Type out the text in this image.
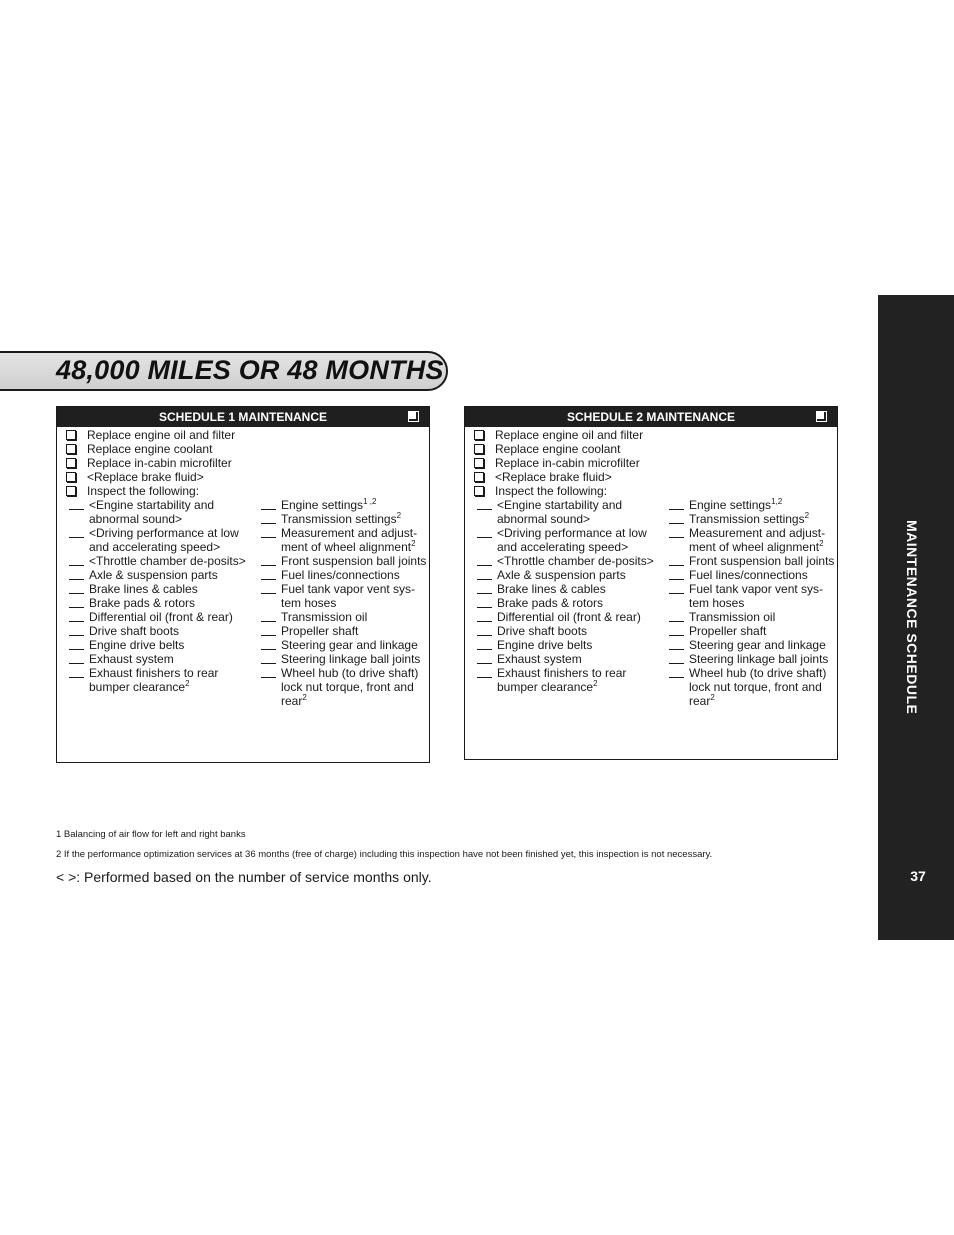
48,000 MILES OR 48 MONTHS
MAINTENANCE SCHEDULE
37
SCHEDULE 1 MAINTENANCE
Replace engine oil and filter
Replace engine coolant
Replace in-cabin microfilter
<Replace brake fluid>
Inspect the following:
<Engine startability and abnormal sound>
<Driving performance at low and accelerating speed>
<Throttle chamber de-posits>
Axle & suspension parts
Brake lines & cables
Brake pads & rotors
Differential oil (front & rear)
Drive shaft boots
Engine drive belts
Exhaust system
Exhaust finishers to rear bumper clearance$^2$
Engine settings$^{1 ,2}$
Transmission settings$^2$
Measurement and adjust-ment of wheel alignment$^2$
Front suspension ball joints
Fuel lines/connections
Fuel tank vapor vent sys-tem hoses
Transmission oil
Propeller shaft
Steering gear and linkage
Steering linkage ball joints
Wheel hub (to drive shaft) lock nut torque, front and rear$^2$
SCHEDULE 2 MAINTENANCE
Replace engine oil and filter
Replace engine coolant
Replace in-cabin microfilter
<Replace brake fluid>
Inspect the following:
<Engine startability and abnormal sound>
<Driving performance at low and accelerating speed>
<Throttle chamber de-posits>
Axle & suspension parts
Brake lines & cables
Brake pads & rotors
Differential oil (front & rear)
Drive shaft boots
Engine drive belts
Exhaust system
Exhaust finishers to rear bumper clearance$^2$
Engine settings$^{1,2}$
Transmission settings$^2$
Measurement and adjust-ment of wheel alignment$^2$
Front suspension ball joints
Fuel lines/connections
Fuel tank vapor vent sys-tem hoses
Transmission oil
Propeller shaft
Steering gear and linkage
Steering linkage ball joints
Wheel hub (to drive shaft) lock nut torque, front and rear$^2$
1 Balancing of air flow for left and right banks
2 If the performance optimization services at 36 months (free of charge) including this inspection have not been finished yet, this inspection is not necessary.
< >: Performed based on the number of service months only.
